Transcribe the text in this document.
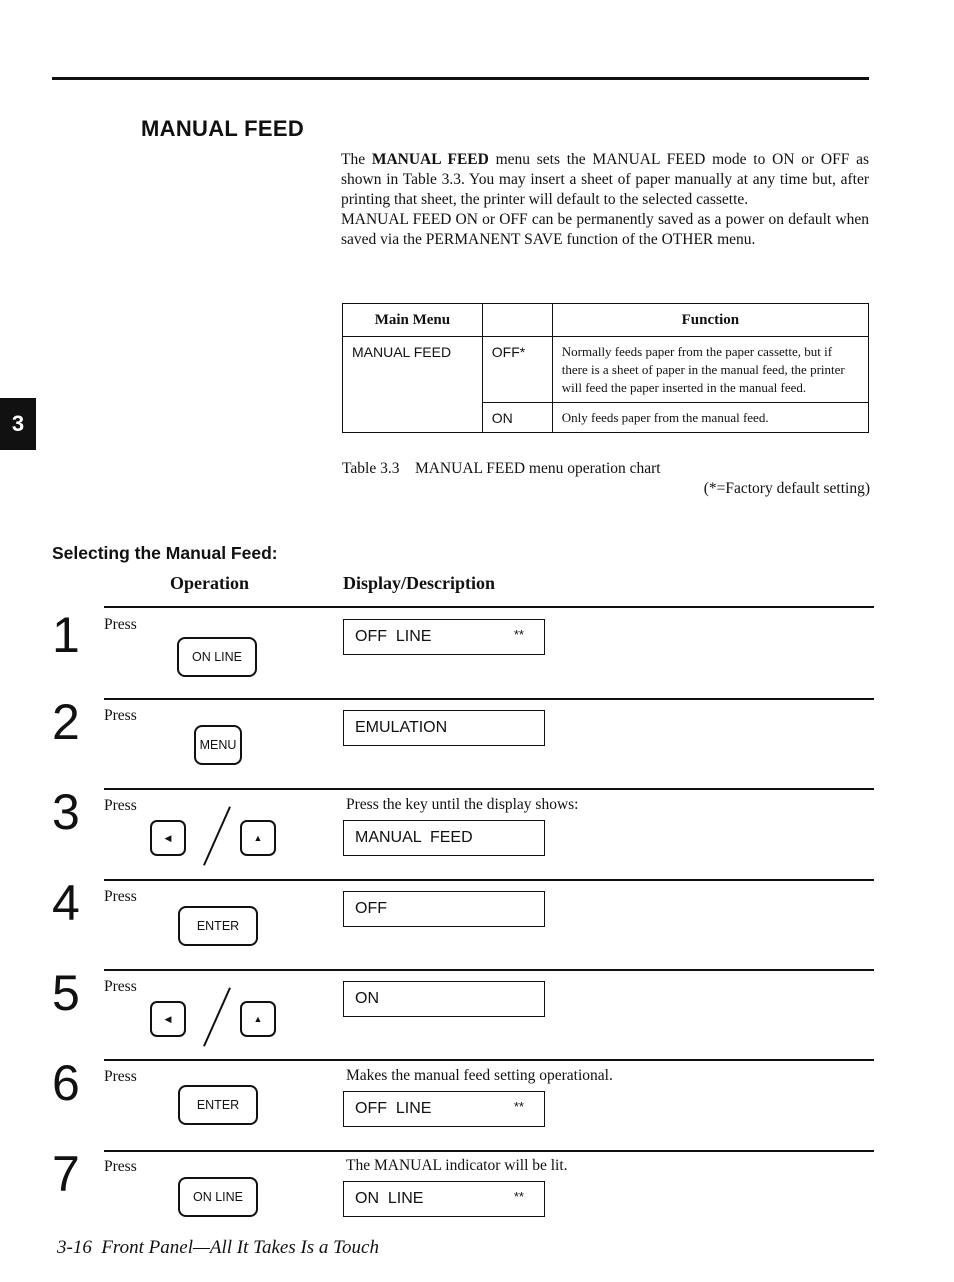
MANUAL FEED

The MANUAL FEED menu sets the MANUAL FEED mode to ON or OFF as shown in Table 3.3. You may insert a sheet of paper manually at any time but, after printing that sheet, the printer will default to the selected cassette.

MANUAL FEED ON or OFF can be permanently saved as a power on default when saved via the PERMANENT SAVE function of the OTHER menu.

Main Menu		Function
MANUAL FEED	OFF*	Normally feeds paper from the paper cassette, but if there is a sheet of paper in the manual feed, the printer will feed the paper inserted in the manual feed.
	ON	Only feeds paper from the manual feed.
Table 3.3    MANUAL FEED menu operation chart
(*=Factory default setting)
3
Selecting the Manual Feed:
Operation	Display/Description
1 Press
ON LINE
OFF  LINE	**
2 Press
MENU
EMULATION
3 Press
◀	▲
Press the key until the display shows:
MANUAL  FEED
4 Press
ENTER
OFF
5 Press
◀	▲
ON
6 Press
ENTER
Makes the manual feed setting operational.
OFF  LINE	**
7 Press
ON LINE
The MANUAL indicator will be lit.
ON  LINE	**
3-16  Front Panel—All It Takes Is a Touch
